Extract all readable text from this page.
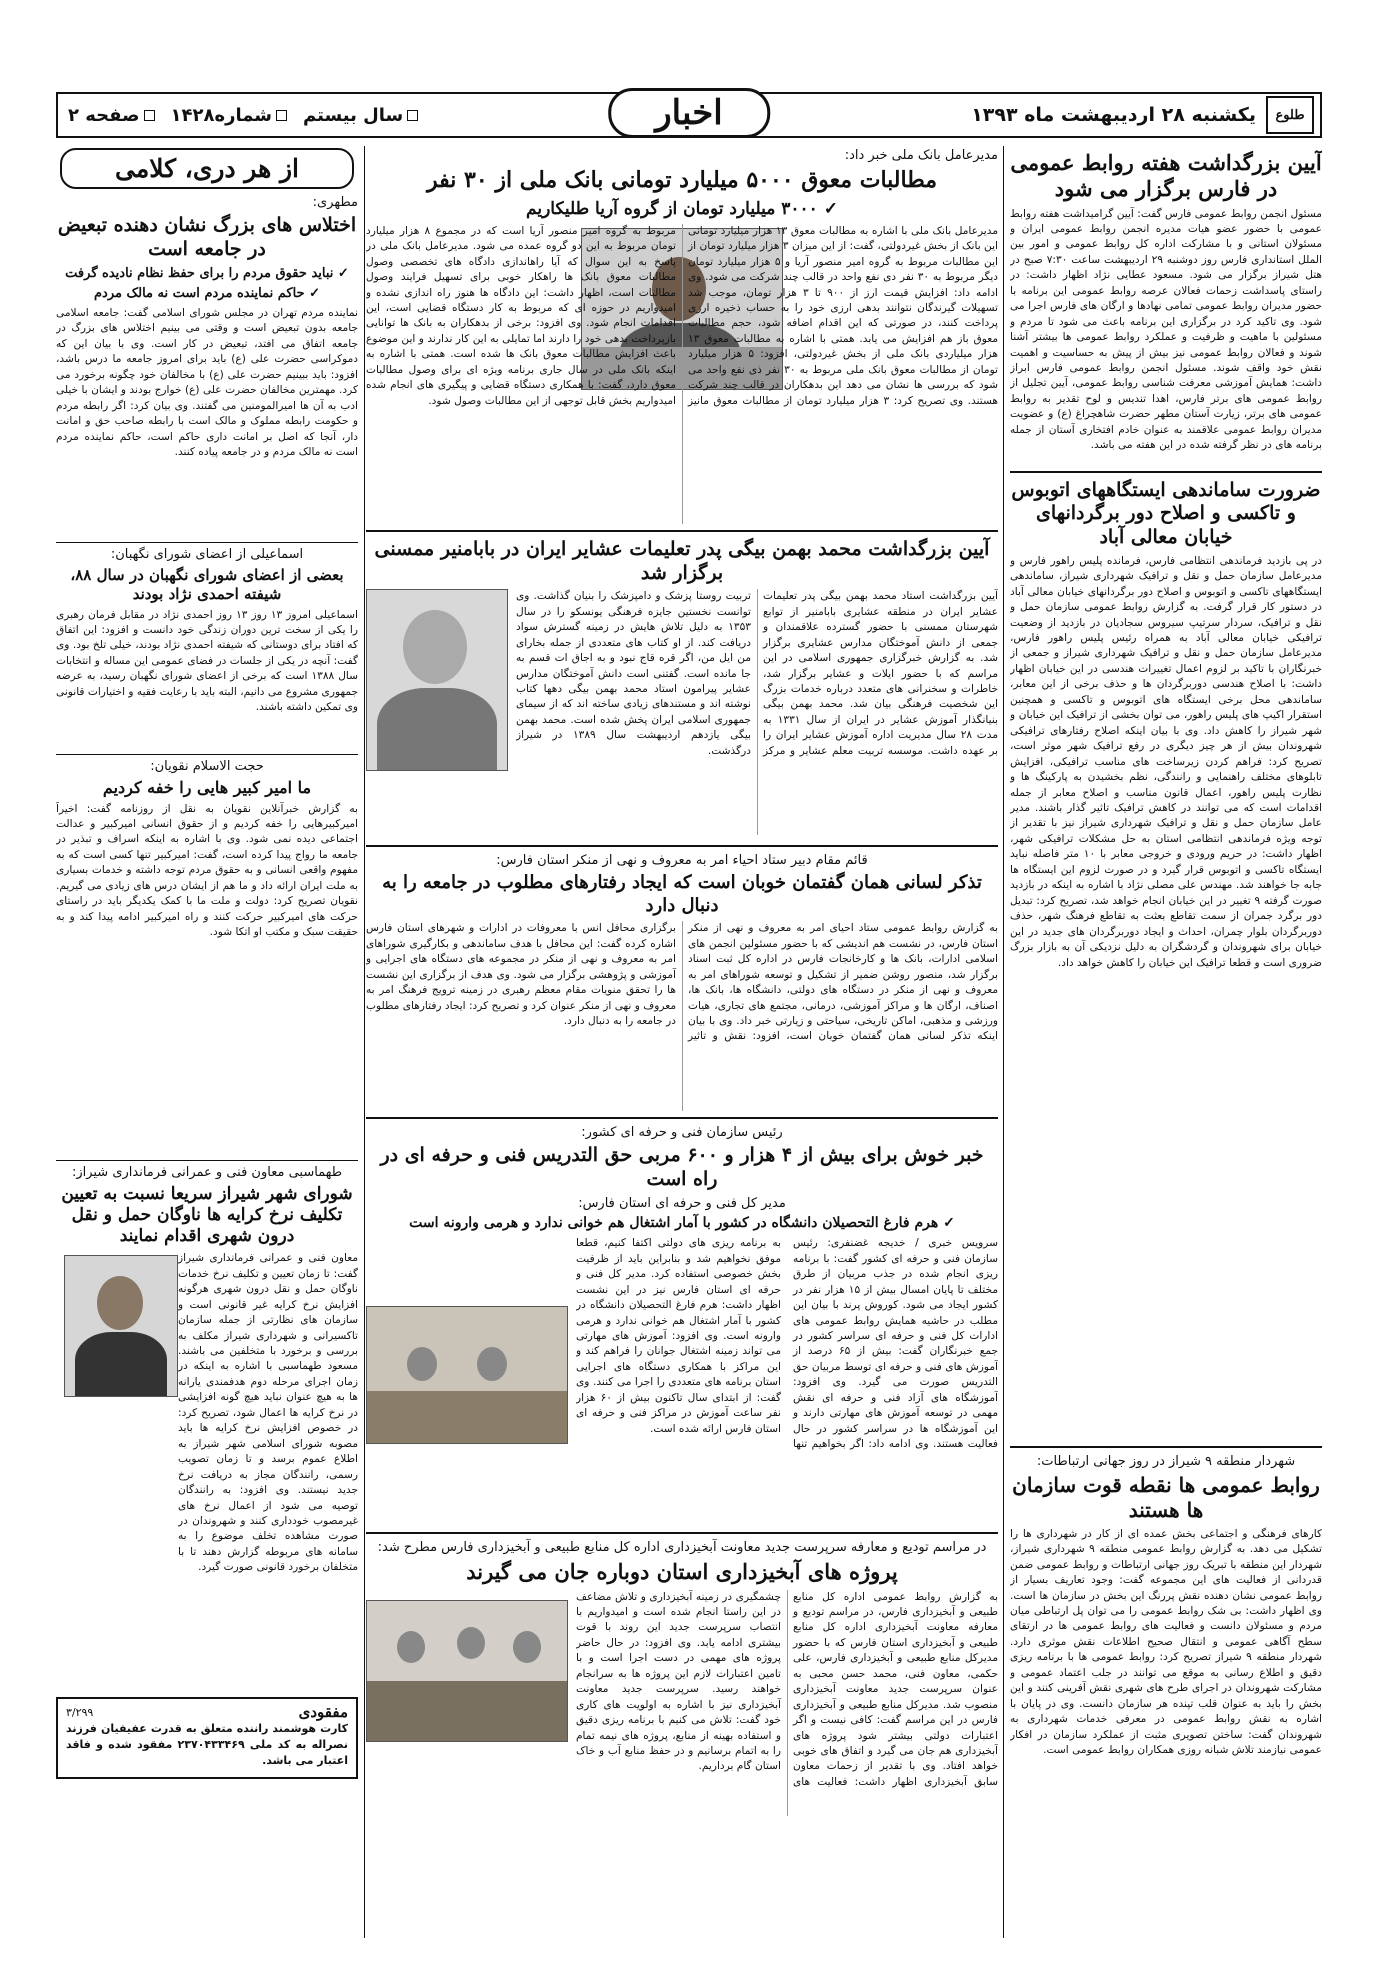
طلوع
یکشنبه ۲۸ اردیبهشت ماه ۱۳۹۳
اخبار
سال بیستم
شماره۱۴۲۸
صفحه ۲
آیین بزرگداشت هفته روابط عمومی در فارس برگزار می شود

مسئول انجمن روابط عمومی فارس گفت: آیین گرامیداشت هفته روابط عمومی با حضور عضو هیات مدیره انجمن روابط عمومی ایران و مسئولان استانی و با مشارکت اداره کل روابط عمومی و امور بین الملل استانداری فارس روز دوشنبه ۲۹ اردیبهشت ساعت ۷:۳۰ صبح در هتل شیراز برگزار می شود. مسعود عطایی نژاد اظهار داشت: در راستای پاسداشت زحمات فعالان عرصه روابط عمومی این برنامه با حضور مدیران روابط عمومی تمامی نهادها و ارگان های فارس اجرا می شود. وی تاکید کرد در برگزاری این برنامه باعث می شود تا مردم و مسئولین با ماهیت و ظرفیت و عملکرد روابط عمومی ها بیشتر آشنا شوند و فعالان روابط عمومی نیز بیش از پیش به حساسیت و اهمیت نقش خود واقف شوند. مسئول انجمن روابط عمومی فارس ابراز داشت: همایش آموزشی معرفت شناسی روابط عمومی، آیین تجلیل از روابط عمومی های برتر فارس، اهدا تندیس و لوح تقدیر به روابط عمومی های برتر، زیارت آستان مطهر حضرت شاهچراغ (ع) و عضویت مدیران روابط عمومی علاقمند به عنوان خادم افتخاری آستان از جمله برنامه های در نظر گرفته شده در این هفته می باشد.

ضرورت ساماندهی ایستگاههای اتوبوس و تاکسی و اصلاح دور برگردانهای خیابان معالی آباد

در پی بازدید فرماندهی انتظامی فارس، فرمانده پلیس راهور فارس و مدیرعامل سازمان حمل و نقل و ترافیک شهرداری شیراز، ساماندهی ایستگاههای تاکسی و اتوبوس و اصلاح دور برگردانهای خیابان معالی آباد در دستور کار قرار گرفت. به گزارش روابط عمومی سازمان حمل و نقل و ترافیک، سردار سرتیپ سیروس سجادیان در بازدید از وضعیت ترافیکی خیابان معالی آباد به همراه رئیس پلیس راهور فارس، مدیرعامل سازمان حمل و نقل و ترافیک شهرداری شیراز و جمعی از خبرنگاران با تاکید بر لزوم اعمال تغییرات هندسی در این خیابان اظهار داشت: با اصلاح هندسی دوربرگردان ها و حذف برخی از این معابر، ساماندهی محل برخی ایستگاه های اتوبوس و تاکسی و همچنین استقرار اکیپ های پلیس راهور، می توان بخشی از ترافیک این خیابان و شهر شیراز را کاهش داد. وی با بیان اینکه اصلاح رفتارهای ترافیکی شهروندان بیش از هر چیز دیگری در رفع ترافیک شهر موثر است، تصریح کرد: فراهم کردن زیرساخت های مناسب ترافیکی، افزایش تابلوهای مختلف راهنمایی و رانندگی، نظم بخشیدن به پارکینگ ها و نظارت پلیس راهور، اعمال قانون مناسب و اصلاح معابر از جمله اقدامات است که می توانند در کاهش ترافیک تاثیر گذار باشند. مدیر عامل سازمان حمل و نقل و ترافیک شهرداری شیراز نیز با تقدیر از توجه ویژه فرماندهی انتظامی استان به حل مشکلات ترافیکی شهر، اظهار داشت: در حریم ورودی و خروجی معابر با ۱۰ متر فاصله نباید ایستگاه تاکسی و اتوبوس قرار گیرد و در صورت لزوم این ایستگاه ها جابه جا خواهند شد. مهندس علی مصلی نژاد با اشاره به اینکه در بازدید صورت گرفته ۹ تغییر در این خیابان انجام خواهد شد، تصریح کرد: تبدیل دور برگرد جمران از سمت تقاطع بعثت به تقاطع فرهنگ شهر، حذف دوربرگردان بلوار چمران، احداث و ایجاد دوربرگردان های جدید در این خیابان برای شهروندان و گردشگران به دلیل نزدیکی آن به بازار بزرگ ضروری است و قطعا ترافیک این خیابان را کاهش خواهد داد.

شهردار منطقه ۹ شیراز در روز جهانی ارتباطات:
روابط عمومی ها نقطه قوت سازمان ها هستند

کارهای فرهنگی و اجتماعی بخش عمده ای از کار در شهرداری ها را تشکیل می دهد. به گزارش روابط عمومی منطقه ۹ شهرداری شیراز، شهردار این منطقه با تبریک روز جهانی ارتباطات و روابط عمومی ضمن قدردانی از فعالیت های این مجموعه گفت: وجود تعاریف بسیار از روابط عمومی نشان دهنده نقش پررنگ این بخش در سازمان ها است. وی اظهار داشت: بی شک روابط عمومی را می توان پل ارتباطی میان مردم و مسئولان دانست و فعالیت های روابط عمومی ها در ارتقای سطح آگاهی عمومی و انتقال صحیح اطلاعات نقش موثری دارد. شهردار منطقه ۹ شیراز تصریح کرد: روابط عمومی ها با برنامه ریزی دقیق و اطلاع رسانی به موقع می توانند در جلب اعتماد عمومی و مشارکت شهروندان در اجرای طرح های شهری نقش آفرینی کنند و این بخش را باید به عنوان قلب تپنده هر سازمان دانست. وی در پایان با اشاره به نقش روابط عمومی در معرفی خدمات شهرداری به شهروندان گفت: ساختن تصویری مثبت از عملکرد سازمان در افکار عمومی نیازمند تلاش شبانه روزی همکاران روابط عمومی است.

مدیرعامل بانک ملی خبر داد:
مطالبات معوق ۵۰۰۰ میلیارد تومانی بانک ملی از ۳۰ نفر
✓ ۳۰۰۰ میلیارد تومان از گروه آریا طلیکاریم

مدیرعامل بانک ملی با اشاره به مطالبات معوق ۱۳ هزار میلیارد تومانی این بانک از بخش غیردولتی، گفت: از این میزان ۳ هزار میلیارد تومان از این مطالبات مربوط به گروه امیر منصور آریا و ۵ هزار میلیارد تومان دیگر مربوط به ۳۰ نفر دی نفع واحد در قالب چند شرکت می شود. وی ادامه داد: افزایش قیمت ارز از ۹۰۰ تا ۳ هزار تومان، موجب شد تسهیلات گیرندگان نتوانند بدهی ارزی خود را به حساب ذخیره ارزی پرداخت کنند، در صورتی که این اقدام اضافه شود، حجم مطالبات معوق باز هم افزایش می یابد. همتی با اشاره به مطالبات معوق ۱۳ هزار میلیاردی بانک ملی از بخش غیردولتی، افزود: ۵ هزار میلیارد تومان از مطالبات معوق بانک ملی مربوط به ۳۰ نفر ذی نفع واحد می شود که بررسی ها نشان می دهد این بدهکاران در قالب چند شرکت هستند. وی تصریح کرد: ۳ هزار میلیارد تومان از مطالبات معوق مانیز مربوط به گروه امیر منصور آریا است که در مجموع ۸ هزار میلیارد تومان مربوط به این دو گروه عمده می شود. مدیرعامل بانک ملی در پاسخ به این سوال که آیا راهاندازی دادگاه های تخصصی وصول مطالبات معوق بانک ها راهکار خوبی برای تسهیل فرایند وصول مطالبات است، اظهار داشت: این دادگاه ها هنوز راه اندازی نشده و امیدواریم در حوزه ای که مربوط به کار دستگاه قضایی است، این اقدامات انجام شود. وی افزود: برخی از بدهکاران به بانک ها توانایی بازپرداخت بدهی خود را دارند اما تمایلی به این کار ندارند و این موضوع باعث افزایش مطالبات معوق بانک ها شده است. همتی با اشاره به اینکه بانک ملی در سال جاری برنامه ویژه ای برای وصول مطالبات معوق دارد، گفت: با همکاری دستگاه قضایی و پیگیری های انجام شده امیدواریم بخش قابل توجهی از این مطالبات وصول شود.

آیین بزرگداشت محمد بهمن بیگی پدر تعلیمات عشایر ایران در بابامنیر ممسنی برگزار شد

آیین بزرگداشت استاد محمد بهمن بیگی پدر تعلیمات عشایر ایران در منطقه عشایری بابامنیر از توابع شهرستان ممسنی با حضور گسترده علاقمندان و جمعی از دانش آموختگان مدارس عشایری برگزار شد. به گزارش خبرگزاری جمهوری اسلامی در این مراسم که با حضور ایلات و عشایر برگزار شد، خاطرات و سخنرانی های متعدد درباره خدمات بزرگ این شخصیت فرهنگی بیان شد. محمد بهمن بیگی بنیانگذار آموزش عشایر در ایران از سال ۱۳۳۱ به مدت ۲۸ سال مدیریت اداره آموزش عشایر ایران را بر عهده داشت. موسسه تربیت معلم عشایر و مرکز تربیت روستا پزشک و دامپزشک را بنیان گذاشت. وی توانست نخستین جایزه فرهنگی یونسکو را در سال ۱۳۵۳ به دلیل تلاش هایش در زمینه گسترش سواد دریافت کند. از او کتاب های متعددی از جمله بخارای من ایل من، اگر قره قاج نبود و به اجاق ات قسم به جا مانده است. گفتنی است دانش آموختگان مدارس عشایر پیرامون استاد محمد بهمن بیگی دهها کتاب نوشته اند و مستندهای زیادی ساخته اند که از سیمای جمهوری اسلامی ایران پخش شده است. محمد بهمن بیگی یازدهم اردیبهشت سال ۱۳۸۹ در شیراز درگذشت.

قائم مقام دبیر ستاد احیاء امر به معروف و نهی از منکر استان فارس:
تذکر لسانی همان گفتمان خوبان است که ایجاد رفتارهای مطلوب در جامعه را به دنبال دارد

به گزارش روابط عمومی ستاد احیای امر به معروف و نهی از منکر استان فارس، در نشست هم اندیشی که با حضور مسئولین انجمن های اسلامی ادارات، بانک ها و کارخانجات فارس در اداره کل ثبت اسناد برگزار شد، منصور روشن ضمیر از تشکیل و توسعه شوراهای امر به معروف و نهی از منکر در دستگاه های دولتی، دانشگاه ها، بانک ها، اصناف، ارگان ها و مراکز آموزشی، درمانی، مجتمع های تجاری، هیات ورزشی و مذهبی، اماکن تاریخی، سیاحتی و زیارتی خبر داد. وی با بیان اینکه تذکر لسانی همان گفتمان خوبان است، افزود: نقش و تاثیر برگزاری محافل انس با معروفات در ادارات و شهرهای استان فارس اشاره کرده گفت: این محافل با هدف ساماندهی و بکارگیری شوراهای امر به معروف و نهی از منکر در مجموعه های دستگاه های اجرایی و آموزشی و پژوهشی برگزار می شود. وی هدف از برگزاری این نشست ها را تحقق منویات مقام معظم رهبری در زمینه ترویج فرهنگ امر به معروف و نهی از منکر عنوان کرد و تصریح کرد: ایجاد رفتارهای مطلوب در جامعه را به دنبال دارد.

رئیس سازمان فنی و حرفه ای کشور:
خبر خوش برای بیش از ۴ هزار و ۶۰۰ مربی حق التدریس فنی و حرفه ای در راه است
مدیر کل فنی و حرفه ای استان فارس:
✓ هرم فارغ التحصیلان دانشگاه در کشور با آمار اشتغال هم خوانی ندارد و هرمی وارونه است

سرویس خبری / خدیجه غضنفری: رئیس سازمان فنی و حرفه ای کشور گفت: با برنامه ریزی انجام شده در جذب مربیان از طرق مختلف تا پایان امسال بیش از ۱۵ هزار نفر در کشور ایجاد می شود. کوروش پرند با بیان این مطلب در حاشیه همایش روابط عمومی های ادارات کل فنی و حرفه ای سراسر کشور در جمع خبرنگاران گفت: بیش از ۶۵ درصد از آموزش های فنی و حرفه ای توسط مربیان حق التدریس صورت می گیرد. وی افزود: آموزشگاه های آزاد فنی و حرفه ای نقش مهمی در توسعه آموزش های مهارتی دارند و این آموزشگاه ها در سراسر کشور در حال فعالیت هستند. وی ادامه داد: اگر بخواهیم تنها به برنامه ریزی های دولتی اکتفا کنیم، قطعا موفق نخواهیم شد و بنابراین باید از ظرفیت بخش خصوصی استفاده کرد. مدیر کل فنی و حرفه ای استان فارس نیز در این نشست اظهار داشت: هرم فارغ التحصیلان دانشگاه در کشور با آمار اشتغال هم خوانی ندارد و هرمی وارونه است. وی افزود: آموزش های مهارتی می تواند زمینه اشتغال جوانان را فراهم کند و این مراکز با همکاری دستگاه های اجرایی استان برنامه های متعددی را اجرا می کنند. وی گفت: از ابتدای سال تاکنون بیش از ۶۰ هزار نفر ساعت آموزش در مراکز فنی و حرفه ای استان فارس ارائه شده است.

در مراسم تودیع و معارفه سرپرست جدید معاونت آبخیزداری اداره کل منابع طبیعی و آبخیزداری فارس مطرح شد:
پروژه های آبخیزداری استان دوباره جان می گیرند

به گزارش روابط عمومی اداره کل منابع طبیعی و آبخیزداری فارس، در مراسم تودیع و معارفه معاونت آبخیزداری اداره کل منابع طبیعی و آبخیزداری استان فارس که با حضور مدیرکل منابع طبیعی و آبخیزداری فارس، علی حکمی، معاون فنی، محمد حسن محبی به عنوان سرپرست جدید معاونت آبخیزداری منصوب شد. مدیرکل منابع طبیعی و آبخیزداری فارس در این مراسم گفت: کافی نیست و اگر اعتبارات دولتی بیشتر شود پروژه های آبخیزداری هم جان می گیرد و اتفاق های خوبی خواهد افتاد. وی با تقدیر از زحمات معاون سابق آبخیزداری اظهار داشت: فعالیت های چشمگیری در زمینه آبخیزداری و تلاش مضاعف در این راستا انجام شده است و امیدواریم با انتصاب سرپرست جدید این روند با قوت بیشتری ادامه یابد. وی افزود: در حال حاضر پروژه های مهمی در دست اجرا است و با تامین اعتبارات لازم این پروژه ها به سرانجام خواهند رسید. سرپرست جدید معاونت آبخیزداری نیز با اشاره به اولویت های کاری خود گفت: تلاش می کنیم با برنامه ریزی دقیق و استفاده بهینه از منابع، پروژه های نیمه تمام را به اتمام برسانیم و در حفظ منابع آب و خاک استان گام برداریم.

از هر دری، کلامی
مطهری:
اختلاس های بزرگ نشان دهنده تبعیض در جامعه است
✓ نباید حقوق مردم را برای حفظ نظام نادیده گرفت
✓ حاکم نماینده مردم است نه مالک مردم

نماینده مردم تهران در مجلس شورای اسلامی گفت: جامعه اسلامی جامعه بدون تبعیض است و وقتی می بینیم اختلاس های بزرگ در جامعه اتفاق می افتد، تبعیض در کار است. وی با بیان این که دموکراسی حضرت علی (ع) باید برای امروز جامعه ما درس باشد، افزود: باید ببینیم حضرت علی (ع) با مخالفان خود چگونه برخورد می کرد. مهمترین مخالفان حضرت علی (ع) خوارج بودند و ایشان با خیلی ادب به آن ها امیرالمومنین می گفتند. وی بیان کرد: اگر رابطه مردم و حکومت رابطه مملوک و مالک است با رابطه صاحب حق و امانت دار، آنجا که اصل بر امانت داری حاکم است، حاکم نماینده مردم است نه مالک مردم و در جامعه پیاده کنند.

اسماعیلی از اعضای شورای نگهبان:
بعضی از اعضای شورای نگهبان در سال ۸۸، شیفته احمدی نژاد بودند

اسماعیلی امروز ۱۳ روز ۱۳ روز احمدی نژاد در مقابل فرمان رهبری را یکی از سخت ترین دوران زندگی خود دانست و افزود: این اتفاق که افتاد برای دوستانی که شیفته احمدی نژاد بودند، خیلی تلخ بود. وی گفت: آنچه در یکی از جلسات در فضای عمومی این مساله و انتخابات سال ۱۳۸۸ است که برخی از اعضای شورای نگهبان رسید، به عرضه جمهوری مشروع می دانیم، البته باید با رعایت فقیه و اختیارات قانونی وی تمکین داشته باشند.

حجت الاسلام نقویان:
ما امیر کبیر هایی را خفه کردیم

به گزارش خبرآنلاین نقویان به نقل از روزنامه گفت: اخیراً امیرکبیرهایی را خفه کردیم و از حقوق انسانی امیرکبیر و عدالت اجتماعی دیده نمی شود. وی با اشاره به اینکه اسراف و تبذیر در جامعه ما رواج پیدا کرده است، گفت: امیرکبیر تنها کسی است که به مفهوم واقعی انسانی و به حقوق مردم توجه داشته و خدمات بسیاری به ملت ایران ارائه داد و ما هم از ایشان درس های زیادی می گیریم. نقویان تصریح کرد: دولت و ملت ما با کمک یکدیگر باید در راستای حرکت های امیرکبیر حرکت کنند و راه امیرکبیر ادامه پیدا کند و به حقیقت سبک و مکتب او اتکا شود.

طهماسبی معاون فنی و عمرانی فرمانداری شیراز:
شورای شهر شیراز سریعا نسبت به تعیین تکلیف نرخ کرایه ها ناوگان حمل و نقل درون شهری اقدام نمایند

معاون فنی و عمرانی فرمانداری شیراز گفت: تا زمان تعیین و تکلیف نرخ خدمات ناوگان حمل و نقل درون شهری هرگونه افزایش نرخ کرایه غیر قانونی است و سازمان های نظارتی از جمله سازمان تاکسیرانی و شهرداری شیراز مکلف به بررسی و برخورد با متخلفین می باشند. مسعود طهماسبی با اشاره به اینکه در زمان اجرای مرحله دوم هدفمندی یارانه ها به هیچ عنوان نباید هیچ گونه افزایشی در نرخ کرایه ها اعمال شود، تصریح کرد: در خصوص افزایش نرخ کرایه ها باید مصوبه شورای اسلامی شهر شیراز به اطلاع عموم برسد و تا زمان تصویب رسمی، رانندگان مجاز به دریافت نرخ جدید نیستند. وی افزود: به رانندگان توصیه می شود از اعمال نرخ های غیرمصوب خودداری کنند و شهروندان در صورت مشاهده تخلف موضوع را به سامانه های مربوطه گزارش دهند تا با متخلفان برخورد قانونی صورت گیرد.

مفقودی
۳/۲۹۹

کارت هوشمند راننده متعلق به قدرت عفیفیان فرزند نصراله به کد ملی ۲۳۷۰۴۳۳۴۶۹ مفقود شده و فاقد اعتبار می باشد.
